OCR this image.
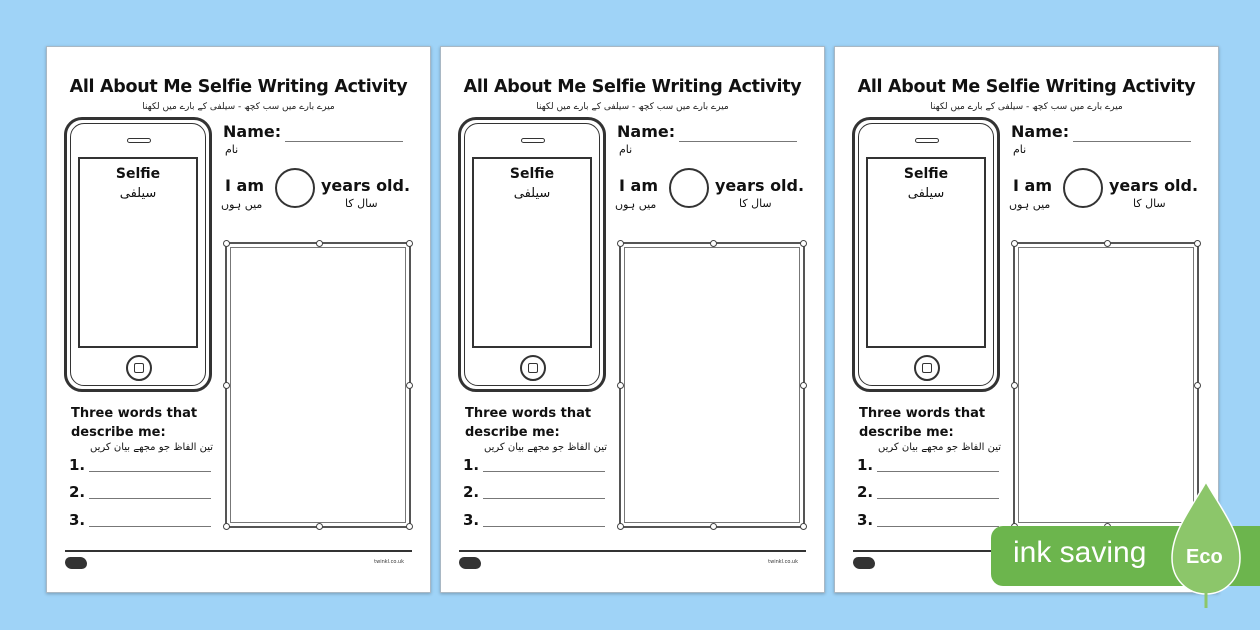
All About Me Selfie Writing Activity
میرے بارے میں سب کچھ - سیلفی کے بارے میں لکھنا
Selfie
سیلفی
Name:
نام
I am
میں ہوں
years old.
سال کا
Three words that describe me:
تین الفاظ جو مجھے بیان کریں
1.
2.
3.
twinkl.co.uk
All About Me Selfie Writing Activity
میرے بارے میں سب کچھ - سیلفی کے بارے میں لکھنا
Selfie
سیلفی
Name:
نام
I am
میں ہوں
years old.
سال کا
Three words that describe me:
تین الفاظ جو مجھے بیان کریں
1.
2.
3.
twinkl.co.uk
All About Me Selfie Writing Activity
میرے بارے میں سب کچھ - سیلفی کے بارے میں لکھنا
Selfie
سیلفی
Name:
نام
I am
میں ہوں
years old.
سال کا
Three words that describe me:
تین الفاظ جو مجھے بیان کریں
1.
2.
3.
ink saving Eco
